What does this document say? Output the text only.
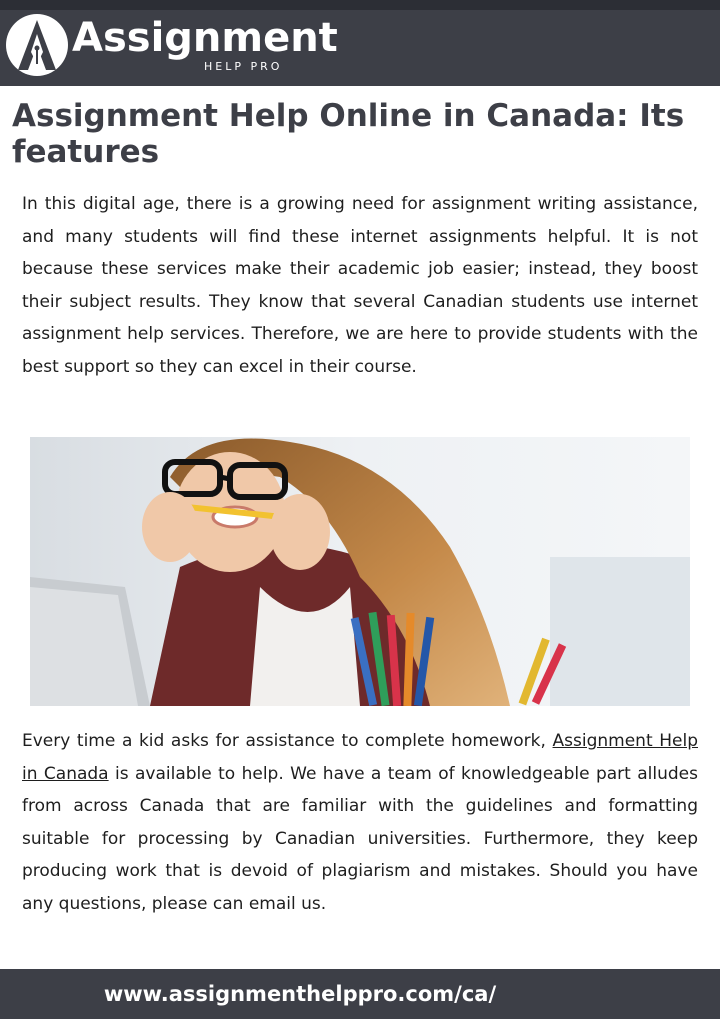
Assignment
HELP PRO
Assignment Help Online in Canada: Its features

In this digital age, there is a growing need for assignment writing assistance, and many students will find these internet assignments helpful. It is not because these services make their academic job easier; instead, they boost their subject results. They know that several Canadian students use internet assignment help services. Therefore, we are here to provide students with the best support so they can excel in their course.

Every time a kid asks for assistance to complete homework, Assignment Help in Canada is available to help. We have a team of knowledgeable part alludes from across Canada that are familiar with the guidelines and formatting suitable for processing by Canadian universities. Furthermore, they keep producing work that is devoid of plagiarism and mistakes. Should you have any questions, please can email us.

www.assignmenthelppro.com/ca/
